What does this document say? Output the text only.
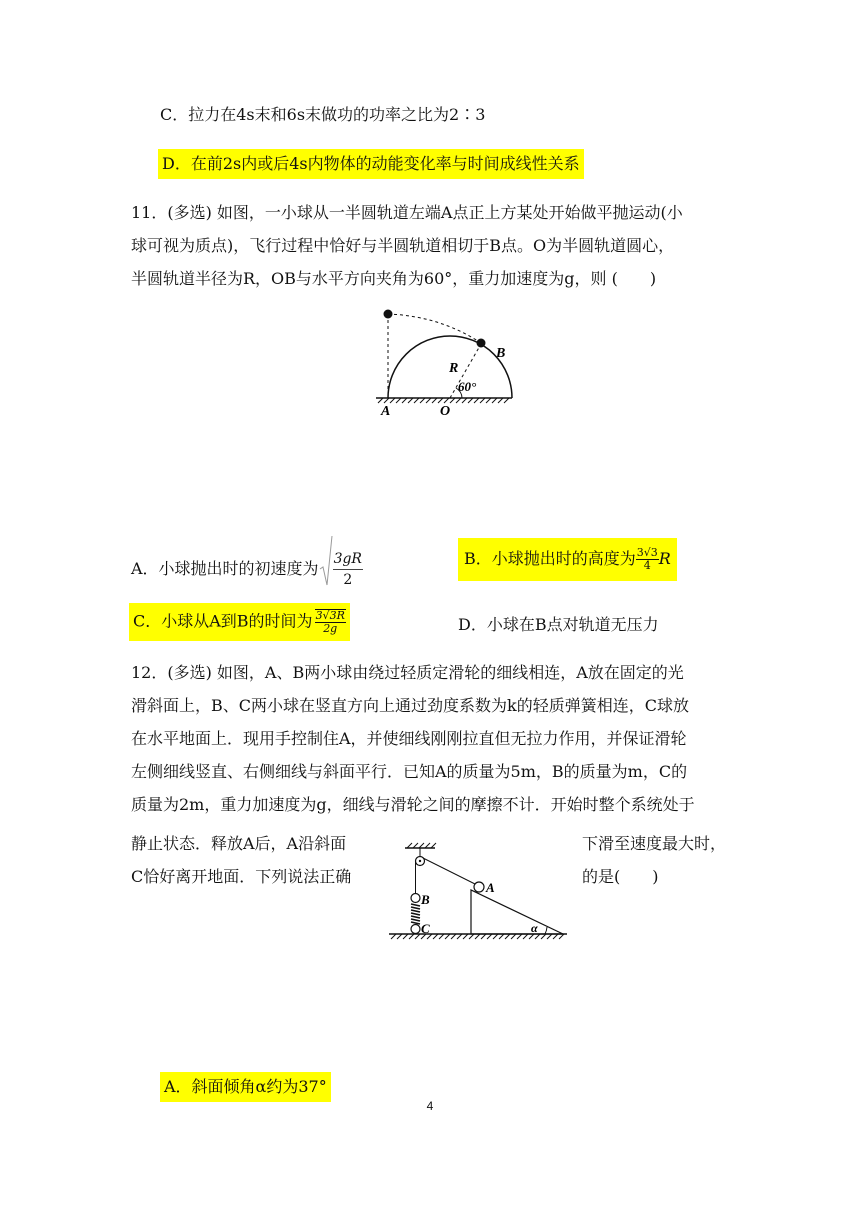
C．拉力在4s末和6s末做功的功率之比为2∶3
D．在前2s内或后4s内物体的动能变化率与时间成线性关系

11．(多选) 如图，一小球从一半圆轨道左端A点正上方某处开始做平抛运动(小

球可视为质点)，飞行过程中恰好与半圆轨道相切于B点。O为半圆轨道圆心，

半圆轨道半径为R，OB与水平方向夹角为60°，重力加速度为g，则 (　　)

A	O
B
R
60°
A．小球抛出时的初速度为 $\frac{3gR}{2}$	B．小球抛出时的高度为 $\frac{3√3}{4}$ R
C．小球从A到B的时间为 $\frac{3√3R}{2g}$	D．小球在B点对轨道无压力

12．(多选) 如图，A、B两小球由绕过轻质定滑轮的细线相连，A放在固定的光

滑斜面上，B、C两小球在竖直方向上通过劲度系数为k的轻质弹簧相连，C球放

在水平地面上．现用手控制住A，并使细线刚刚拉直但无拉力作用，并保证滑轮

左侧细线竖直、右侧细线与斜面平行．已知A的质量为5m，B的质量为m，C的

质量为2m，重力加速度为g，细线与滑轮之间的摩擦不计．开始时整个系统处于

静止状态．释放A后，A沿斜面	下滑至速度最大时，
C恰好离开地面．下列说法正确	的是(　　)
B
C
A
α
A．斜面倾角α约为37°
4
